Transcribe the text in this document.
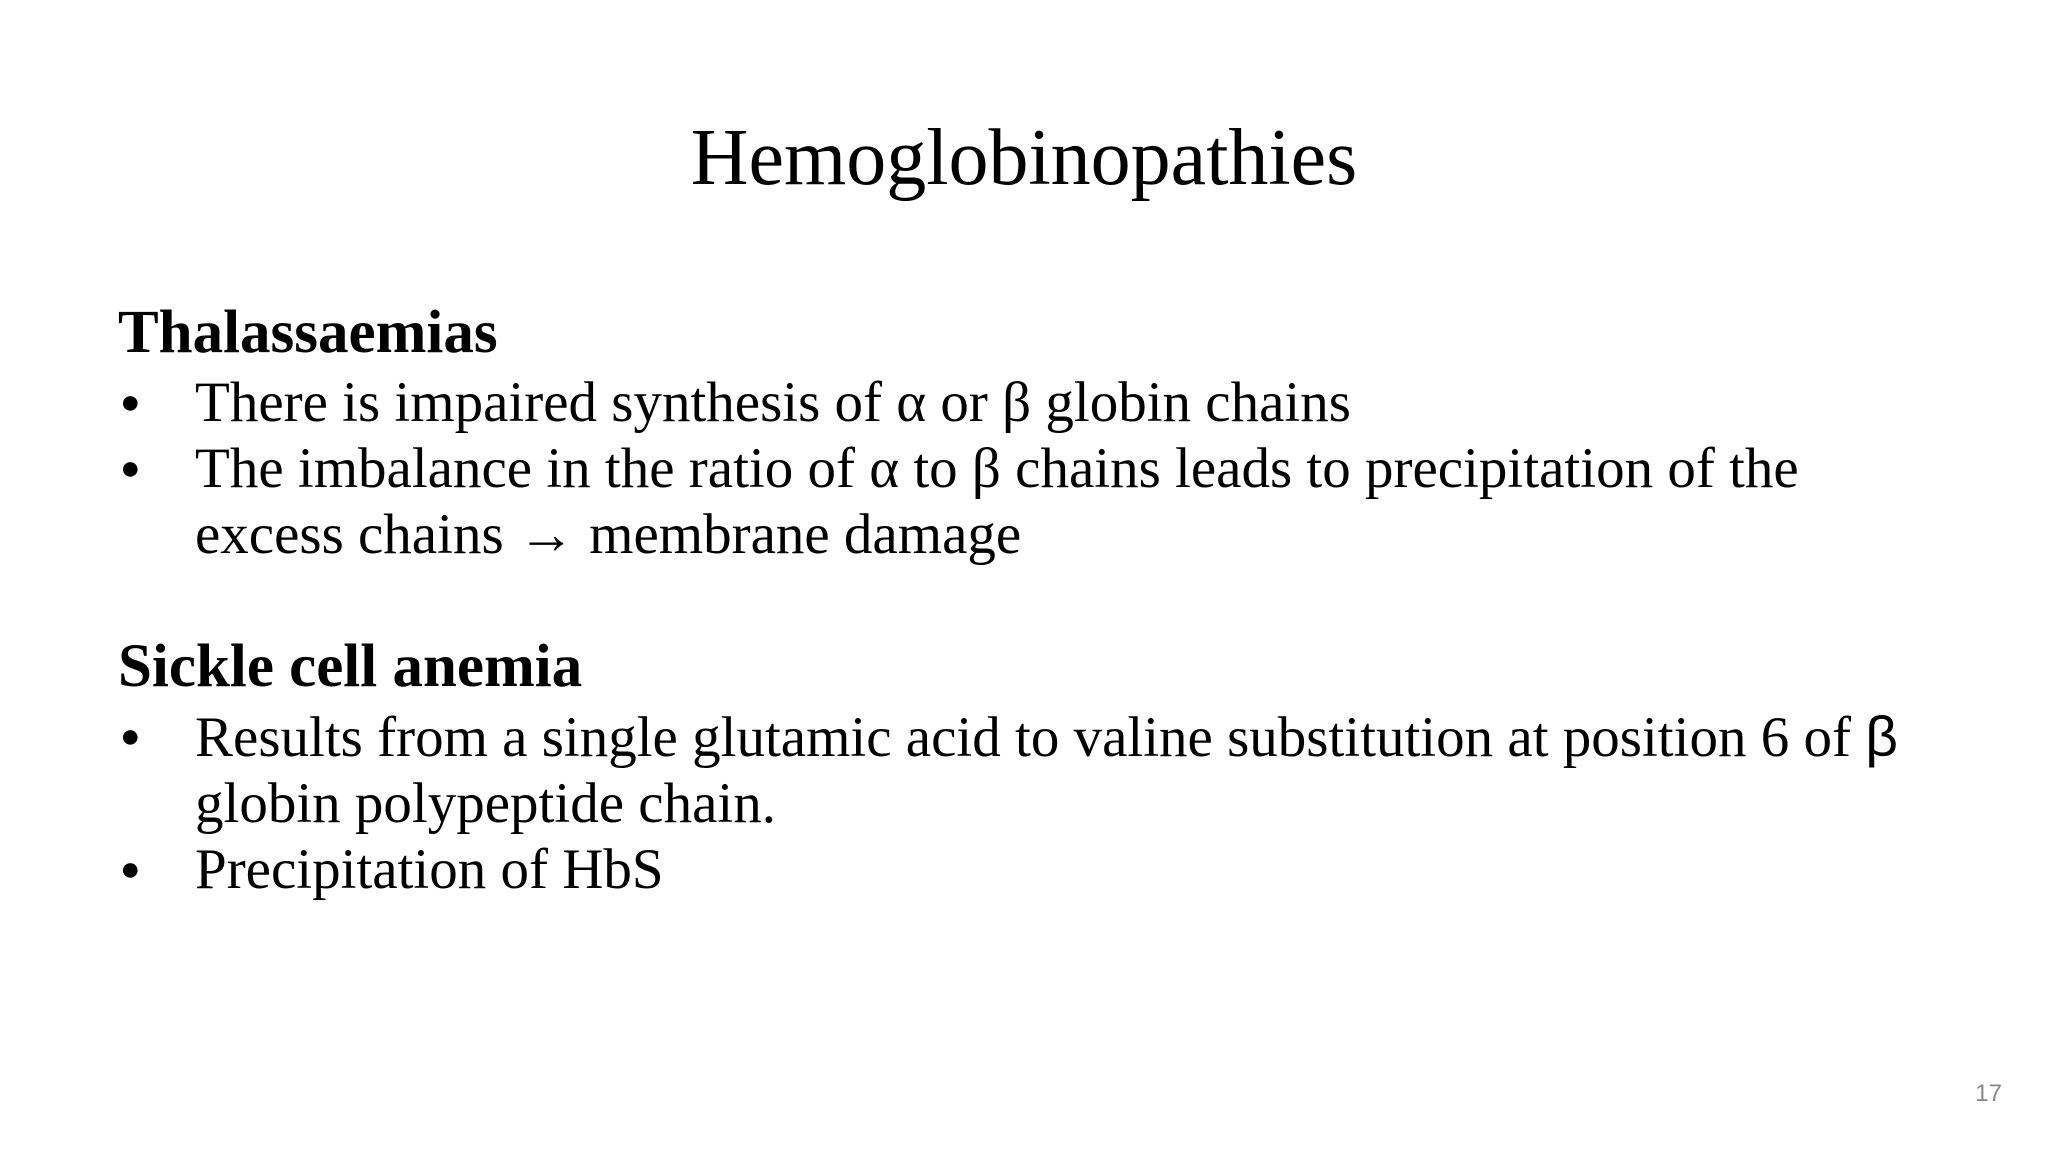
Hemoglobinopathies
Thalassaemias
● There is impaired synthesis of α or β globin chains
● The imbalance in the ratio of α to β chains leads to precipitation of the excess chains → membrane damage
Sickle cell anemia
● Results from a single glutamic acid to valine substitution at position 6 of β globin polypeptide chain.
● Precipitation of HbS
17
